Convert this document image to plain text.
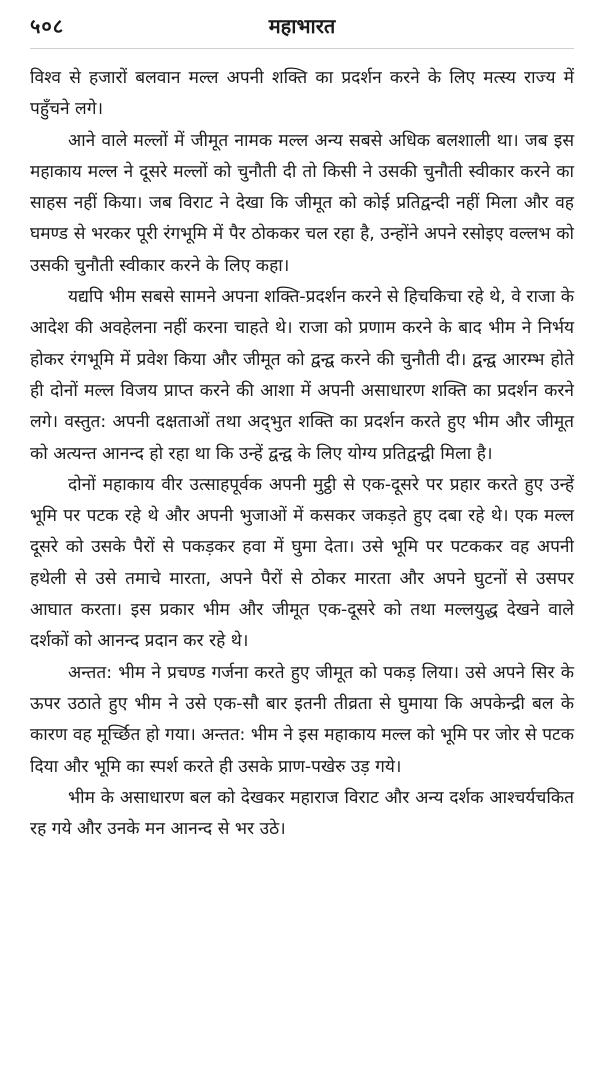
५०८	महाभारत

विश्व से हजारों बलवान मल्ल अपनी शक्ति का प्रदर्शन करने के लिए मत्स्य राज्य में पहुँचने लगे।

आने वाले मल्लों में जीमूत नामक मल्ल अन्य सबसे अधिक बलशाली था। जब इस महाकाय मल्ल ने दूसरे मल्लों को चुनौती दी तो किसी ने उसकी चुनौती स्वीकार करने का साहस नहीं किया। जब विराट ने देखा कि जीमूत को कोई प्रतिद्वन्दी नहीं मिला और वह घमण्ड से भरकर पूरी रंगभूमि में पैर ठोककर चल रहा है, उन्होंने अपने रसोइए वल्लभ को उसकी चुनौती स्वीकार करने के लिए कहा।

यद्यपि भीम सबसे सामने अपना शक्ति-प्रदर्शन करने से हिचकिचा रहे थे, वे राजा के आदेश की अवहेलना नहीं करना चाहते थे। राजा को प्रणाम करने के बाद भीम ने निर्भय होकर रंगभूमि में प्रवेश किया और जीमूत को द्वन्द्व करने की चुनौती दी। द्वन्द्व आरम्भ होते ही दोनों मल्ल विजय प्राप्त करने की आशा में अपनी असाधारण शक्ति का प्रदर्शन करने लगे। वस्तुत: अपनी दक्षताओं तथा अद्‌भुत शक्ति का प्रदर्शन करते हुए भीम और जीमूत को अत्यन्त आनन्द हो रहा था कि उन्हें द्वन्द्व के लिए योग्य प्रतिद्वन्द्वी मिला है।

दोनों महाकाय वीर उत्साहपूर्वक अपनी मुट्ठी से एक-दूसरे पर प्रहार करते हुए उन्हें भूमि पर पटक रहे थे और अपनी भुजाओं में कसकर जकड़ते हुए दबा रहे थे। एक मल्ल दूसरे को उसके पैरों से पकड़कर हवा में घुमा देता। उसे भूमि पर पटककर वह अपनी हथेली से उसे तमाचे मारता, अपने पैरों से ठोकर मारता और अपने घुटनों से उसपर आघात करता। इस प्रकार भीम और जीमूत एक-दूसरे को तथा मल्लयुद्ध देखने वाले दर्शकों को आनन्द प्रदान कर रहे थे।

अन्तत: भीम ने प्रचण्ड गर्जना करते हुए जीमूत को पकड़ लिया। उसे अपने सिर के ऊपर उठाते हुए भीम ने उसे एक-सौ बार इतनी तीव्रता से घुमाया कि अपकेन्द्री बल के कारण वह मूर्च्छित हो गया। अन्तत: भीम ने इस महाकाय मल्ल को भूमि पर जोर से पटक दिया और भूमि का स्पर्श करते ही उसके प्राण-पखेरु उड़ गये।

भीम के असाधारण बल को देखकर महाराज विराट और अन्य दर्शक आश्चर्यचकित रह गये और उनके मन आनन्द से भर उठे।
